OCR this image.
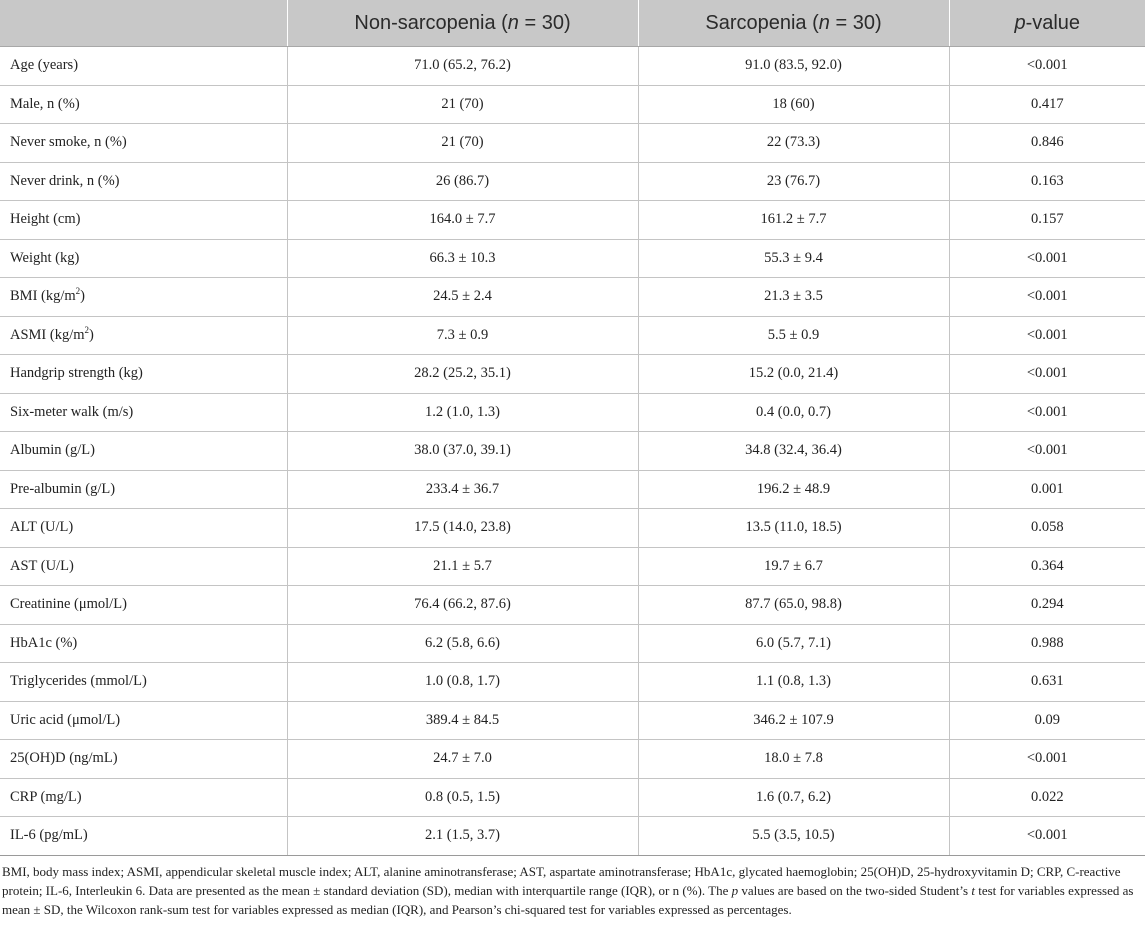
	Non-sarcopenia (n = 30)	Sarcopenia (n = 30)	p-value
Age (years)	71.0 (65.2, 76.2)	91.0 (83.5, 92.0)	<0.001
Male, n (%)	21 (70)	18 (60)	0.417
Never smoke, n (%)	21 (70)	22 (73.3)	0.846
Never drink, n (%)	26 (86.7)	23 (76.7)	0.163
Height (cm)	164.0 ± 7.7	161.2 ± 7.7	0.157
Weight (kg)	66.3 ± 10.3	55.3 ± 9.4	<0.001
BMI $(kg/m^2)$	24.5 ± 2.4	21.3 ± 3.5	<0.001
ASMI $(kg/m^2)$	7.3 ± 0.9	5.5 ± 0.9	<0.001
Handgrip strength (kg)	28.2 (25.2, 35.1)	15.2 (0.0, 21.4)	<0.001
Six-meter walk (m/s)	1.2 (1.0, 1.3)	0.4 (0.0, 0.7)	<0.001
Albumin (g/L)	38.0 (37.0, 39.1)	34.8 (32.4, 36.4)	<0.001
Pre-albumin (g/L)	233.4 ± 36.7	196.2 ± 48.9	0.001
ALT (U/L)	17.5 (14.0, 23.8)	13.5 (11.0, 18.5)	0.058
AST (U/L)	21.1 ± 5.7	19.7 ± 6.7	0.364
Creatinine (μmol/L)	76.4 (66.2, 87.6)	87.7 (65.0, 98.8)	0.294
HbA1c (%)	6.2 (5.8, 6.6)	6.0 (5.7, 7.1)	0.988
Triglycerides (mmol/L)	1.0 (0.8, 1.7)	1.1 (0.8, 1.3)	0.631
Uric acid (μmol/L)	389.4 ± 84.5	346.2 ± 107.9	0.09
25(OH)D (ng/mL)	24.7 ± 7.0	18.0 ± 7.8	<0.001
CRP (mg/L)	0.8 (0.5, 1.5)	1.6 (0.7, 6.2)	0.022
IL-6 (pg/mL)	2.1 (1.5, 3.7)	5.5 (3.5, 10.5)	<0.001

BMI, body mass index; ASMI, appendicular skeletal muscle index; ALT, alanine aminotransferase; AST, aspartate aminotransferase; HbA1c, glycated haemoglobin; 25(OH)D, 25-hydroxyvitamin D; CRP, C-reactive protein; IL-6, Interleukin 6. Data are presented as the mean ± standard deviation (SD), median with interquartile range (IQR), or n (%). The p values are based on the two-sided Student’s t test for variables expressed as mean ± SD, the Wilcoxon rank-sum test for variables expressed as median (IQR), and Pearson’s chi-squared test for variables expressed as percentages.
